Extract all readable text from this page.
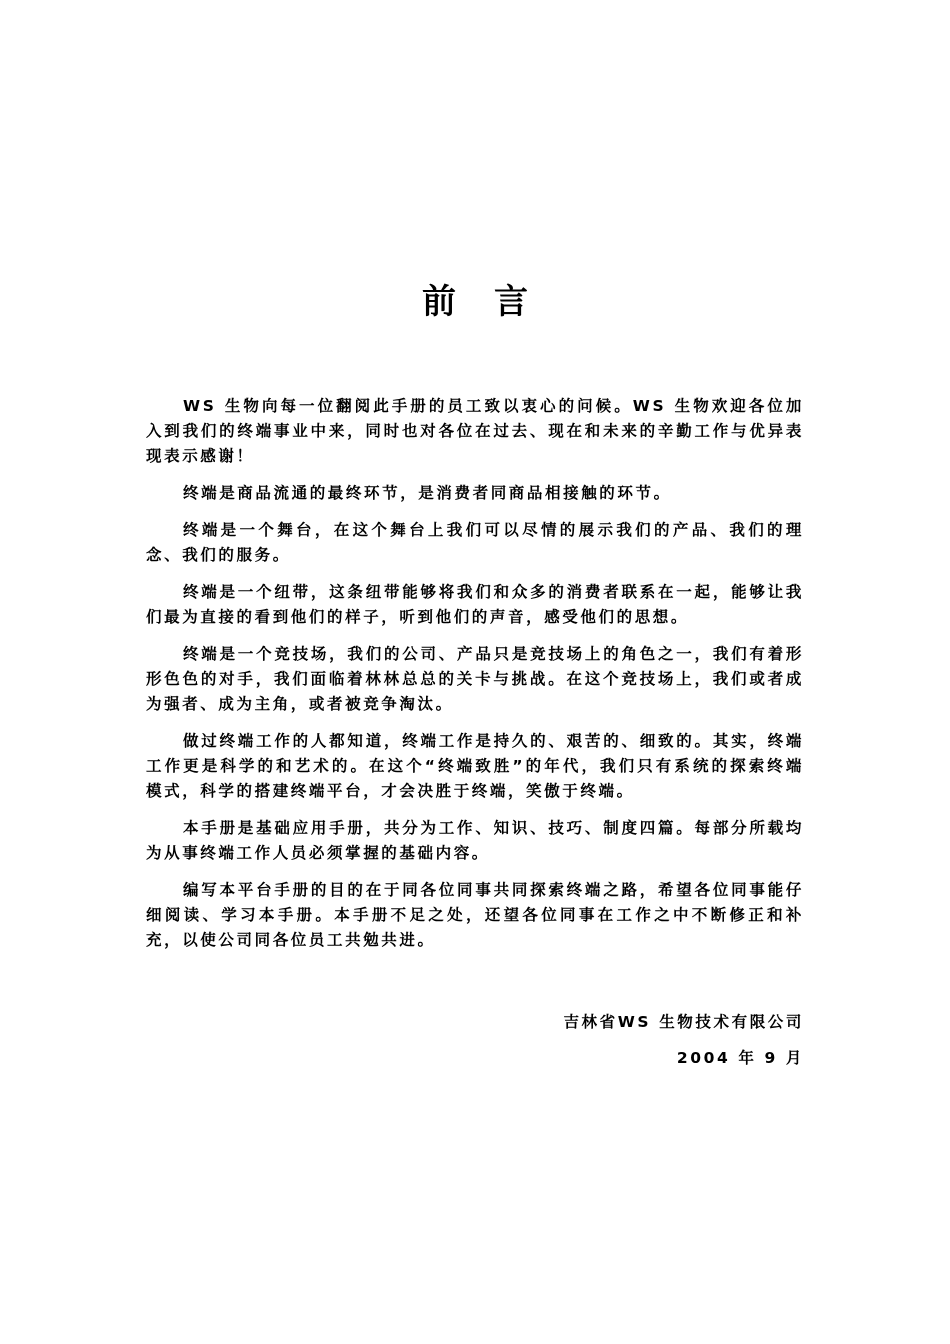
前言

WS 生物向每一位翻阅此手册的员工致以衷心的问候。WS 生物欢迎各位加入到我们的终端事业中来，同时也对各位在过去、现在和未来的辛勤工作与优异表现表示感谢！

终端是商品流通的最终环节，是消费者同商品相接触的环节。

终端是一个舞台，在这个舞台上我们可以尽情的展示我们的产品、我们的理念、我们的服务。

终端是一个纽带，这条纽带能够将我们和众多的消费者联系在一起，能够让我们最为直接的看到他们的样子，听到他们的声音，感受他们的思想。

终端是一个竞技场，我们的公司、产品只是竞技场上的角色之一，我们有着形形色色的对手，我们面临着林林总总的关卡与挑战。在这个竞技场上，我们或者成为强者、成为主角，或者被竞争淘汰。

做过终端工作的人都知道，终端工作是持久的、艰苦的、细致的。其实，终端工作更是科学的和艺术的。在这个“终端致胜”的年代，我们只有系统的探索终端模式，科学的搭建终端平台，才会决胜于终端，笑傲于终端。

本手册是基础应用手册，共分为工作、知识、技巧、制度四篇。每部分所载均为从事终端工作人员必须掌握的基础内容。

编写本平台手册的目的在于同各位同事共同探索终端之路，希望各位同事能仔细阅读、学习本手册。本手册不足之处，还望各位同事在工作之中不断修正和补充，以使公司同各位员工共勉共进。

吉林省WS 生物技术有限公司
2004 年 9 月
